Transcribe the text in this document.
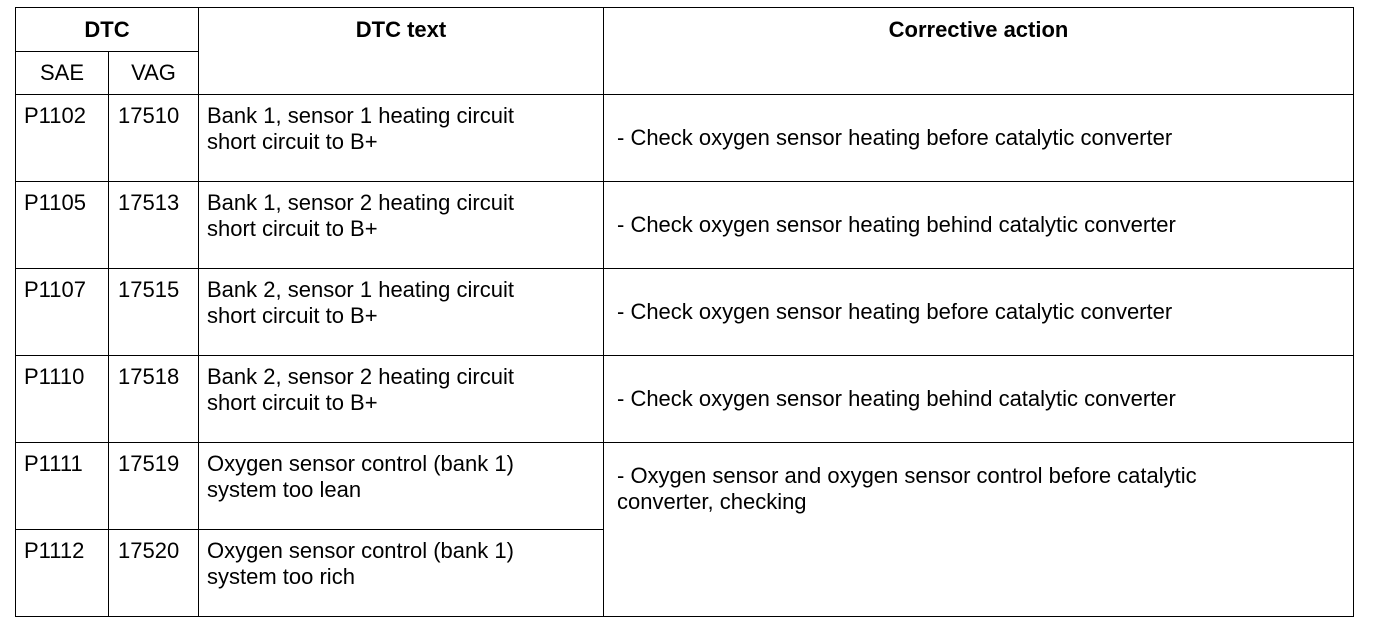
DTC		DTC text	Corrective action
SAE	VAG		
P1102	17510	Bank 1, sensor 1 heating circuit
short circuit to B+	- Check oxygen sensor heating before catalytic converter

P1105	17513	Bank 1, sensor 2 heating circuit
short circuit to B+	- Check oxygen sensor heating behind catalytic converter

P1107	17515	Bank 2, sensor 1 heating circuit
short circuit to B+	- Check oxygen sensor heating before catalytic converter

P1110	17518	Bank 2, sensor 2 heating circuit
short circuit to B+	- Check oxygen sensor heating behind catalytic converter

P1111	17519	Oxygen sensor control (bank 1)
system too lean	- Oxygen sensor and oxygen sensor control before catalytic
converter, checking

P1112	17520	Oxygen sensor control (bank 1)
system too rich	
